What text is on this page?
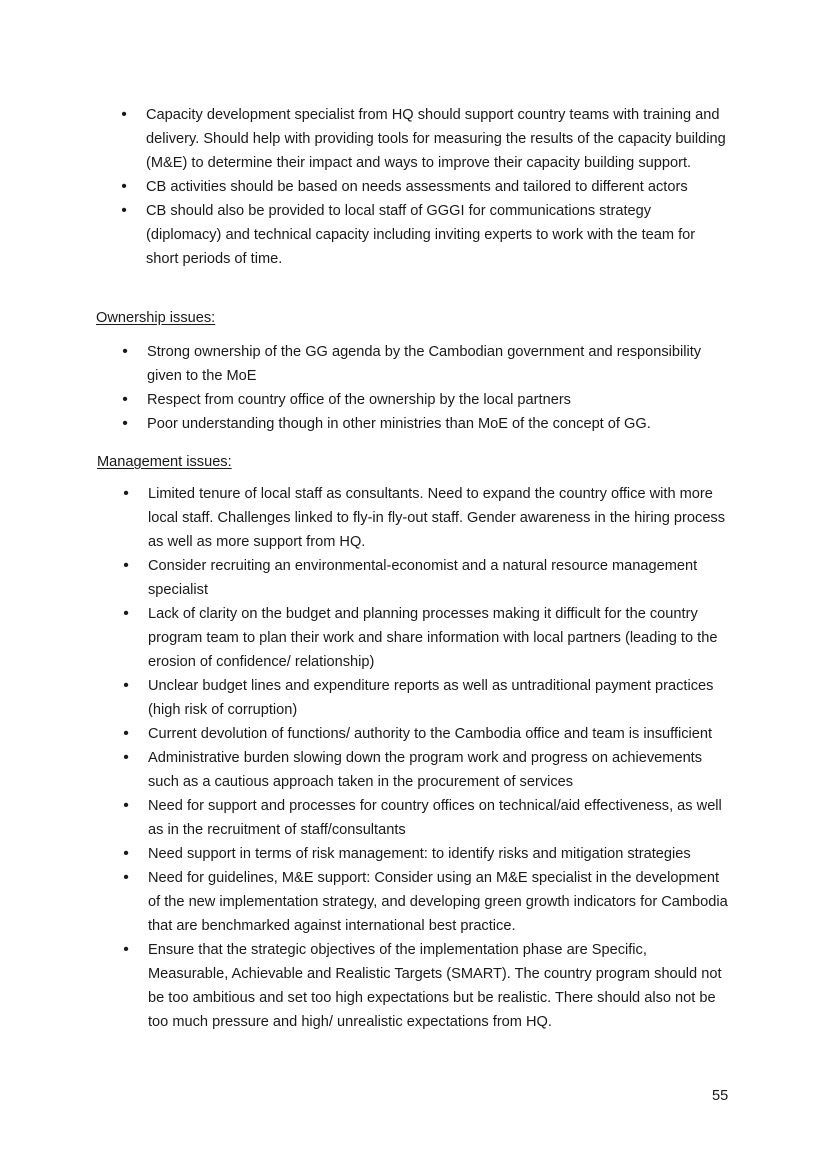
• Capacity development specialist from HQ should support country teams with training and delivery. Should help with providing tools for measuring the results of the capacity building (M&E) to determine their impact and ways to improve their capacity building support.
• CB activities should be based on needs assessments and tailored to different actors
• CB should also be provided to local staff of GGGI for communications strategy (diplomacy) and technical capacity including inviting experts to work with the team for short periods of time.
Ownership issues:
• Strong ownership of the GG agenda by the Cambodian government and responsibility given to the MoE
• Respect from country office of the ownership by the local partners
• Poor understanding though in other ministries than MoE of the concept of GG.
Management issues:
• Limited tenure of local staff as consultants. Need to expand the country office with more local staff. Challenges linked to fly-in fly-out staff. Gender awareness in the hiring process as well as more support from HQ.
• Consider recruiting an environmental-economist and a natural resource management specialist
• Lack of clarity on the budget and planning processes making it difficult for the country program team to plan their work and share information with local partners (leading to the erosion of confidence/ relationship)
• Unclear budget lines and expenditure reports as well as untraditional payment practices (high risk of corruption)
• Current devolution of functions/ authority to the Cambodia office and team is insufficient
• Administrative burden slowing down the program work and progress on achievements such as a cautious approach taken in the procurement of services
• Need for support and processes for country offices on technical/aid effectiveness, as well as in the recruitment of staff/consultants
• Need support in terms of risk management: to identify risks and mitigation strategies
• Need for guidelines, M&E support: Consider using an M&E specialist in the development of the new implementation strategy, and developing green growth indicators for Cambodia that are benchmarked against international best practice.
• Ensure that the strategic objectives of the implementation phase are Specific, Measurable, Achievable and Realistic Targets (SMART). The country program should not be too ambitious and set too high expectations but be realistic. There should also not be too much pressure and high/ unrealistic expectations from HQ.
55
